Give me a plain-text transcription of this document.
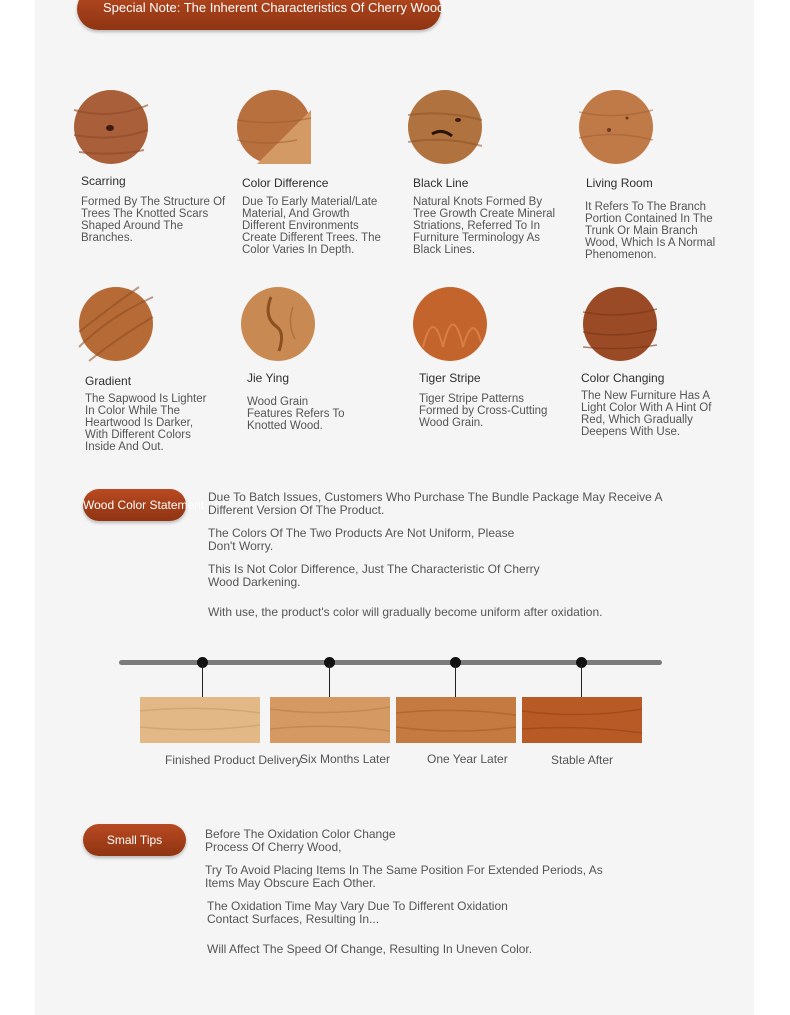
Special Note: The Inherent Characteristics Of Cherry Wood
Scarring
Formed By The Structure Of Trees The Knotted Scars Shaped Around The Branches.
Color Difference
Due To Early Material/Late Material, And Growth Different Environments Create Different Trees. The Color Varies In Depth.
Black Line
Natural Knots Formed By Tree Growth Create Mineral Striations, Referred To In Furniture Terminology As Black Lines.
Living Room
It Refers To The Branch Portion Contained In The Trunk Or Main Branch Wood, Which Is A Normal Phenomenon.
Gradient
The Sapwood Is Lighter In Color While The Heartwood Is Darker, With Different Colors Inside And Out.
Jie Ying
Wood Grain Features Refers To Knotted Wood.
Tiger Stripe
Tiger Stripe Patterns Formed by Cross-Cutting Wood Grain.
Color Changing
The New Furniture Has A Light Color With A Hint Of Red, Which Gradually Deepens With Use.
Wood Color Statement
Due To Batch Issues, Customers Who Purchase The Bundle Package May Receive A Different Version Of The Product.
The Colors Of The Two Products Are Not Uniform, Please Don't Worry.
This Is Not Color Difference, Just The Characteristic Of Cherry Wood Darkening.
With use, the product's color will gradually become uniform after oxidation.
Finished Product Delivery
Six Months Later	One Year Later	Stable After
Small Tips	Before The Oxidation Color Change Process Of Cherry Wood,
Try To Avoid Placing Items In The Same Position For Extended Periods, As Items May Obscure Each Other.
The Oxidation Time May Vary Due To Different Oxidation Contact Surfaces, Resulting In...
Will Affect The Speed Of Change, Resulting In Uneven Color.
